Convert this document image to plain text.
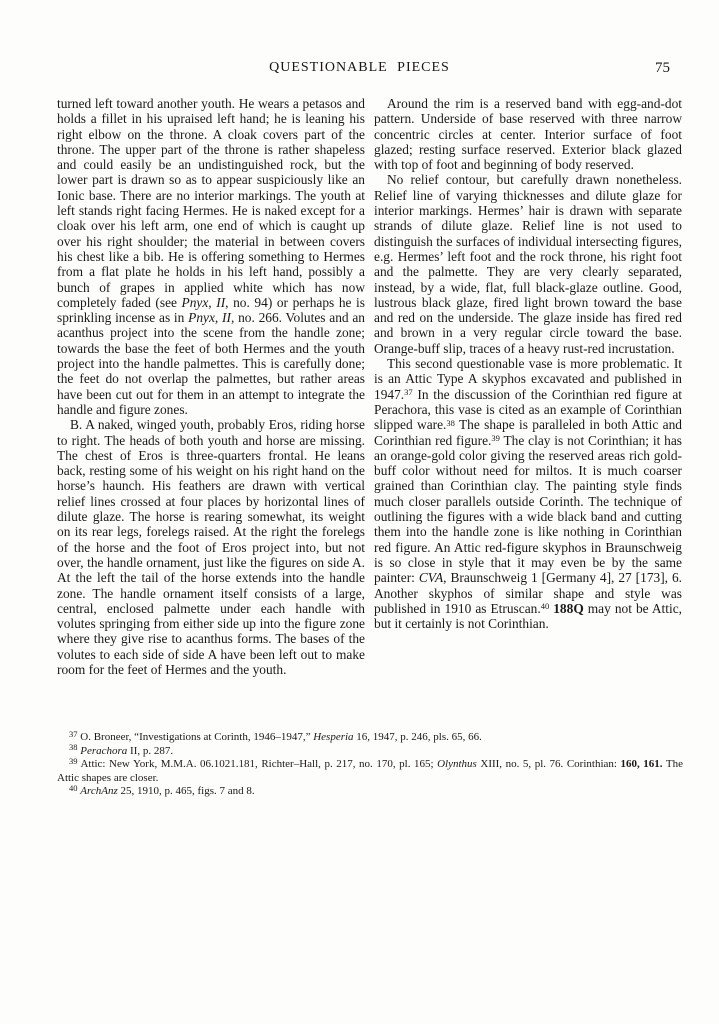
QUESTIONABLE PIECES	75

turned left toward another youth. He wears a petasos and holds a fillet in his upraised left hand; he is leaning his right elbow on the throne. A cloak covers part of the throne. The upper part of the throne is rather shapeless and could easily be an undistinguished rock, but the lower part is drawn so as to appear suspiciously like an Ionic base. There are no interior markings. The youth at left stands right facing Hermes. He is naked except for a cloak over his left arm, one end of which is caught up over his right shoulder; the material in between covers his chest like a bib. He is offering something to Hermes from a flat plate he holds in his left hand, possibly a bunch of grapes in applied white which has now completely faded (see Pnyx, II, no. 94) or perhaps he is sprinkling incense as in Pnyx, II, no. 266. Volutes and an acanthus project into the scene from the handle zone; towards the base the feet of both Hermes and the youth project into the handle palmettes. This is carefully done; the feet do not overlap the palmettes, but rather areas have been cut out for them in an attempt to integrate the handle and figure zones.

B. A naked, winged youth, probably Eros, riding horse to right. The heads of both youth and horse are missing. The chest of Eros is three-quarters frontal. He leans back, resting some of his weight on his right hand on the horse’s haunch. His feathers are drawn with vertical relief lines crossed at four places by horizontal lines of dilute glaze. The horse is rearing somewhat, its weight on its rear legs, forelegs raised. At the right the forelegs of the horse and the foot of Eros project into, but not over, the handle ornament, just like the figures on side A. At the left the tail of the horse extends into the handle zone. The handle ornament itself consists of a large, central, enclosed palmette under each handle with volutes springing from either side up into the figure zone where they give rise to acanthus forms. The bases of the volutes to each side of side A have been left out to make room for the feet of Hermes and the youth.

Around the rim is a reserved band with egg-and-dot pattern. Underside of base reserved with three narrow concentric circles at center. Interior surface of foot glazed; resting surface reserved. Exterior black glazed with top of foot and beginning of body reserved.

No relief contour, but carefully drawn nonetheless. Relief line of varying thicknesses and dilute glaze for interior markings. Hermes’ hair is drawn with separate strands of dilute glaze. Relief line is not used to distinguish the surfaces of individual intersecting figures, e.g. Hermes’ left foot and the rock throne, his right foot and the palmette. They are very clearly separated, instead, by a wide, flat, full black-glaze outline. Good, lustrous black glaze, fired light brown toward the base and red on the underside. The glaze inside has fired red and brown in a very regular circle toward the base. Orange-buff slip, traces of a heavy rust-red incrustation.

This second questionable vase is more problematic. It is an Attic Type A skyphos excavated and published in 1947.37 In the discussion of the Corinthian red figure at Perachora, this vase is cited as an example of Corinthian slipped ware.$^{38}$ The shape is paralleled in both Attic and Corinthian red figure.$^{39}$ The clay is not Corinthian; it has an orange-gold color giving the reserved areas rich gold-buff color without need for miltos. It is much coarser grained than Corinthian clay. The painting style finds much closer parallels outside Corinth. The technique of outlining the figures with a wide black band and cutting them into the handle zone is like nothing in Corinthian red figure. An Attic red-figure skyphos in Braunschweig is so close in style that it may even be by the same painter: CVA, Braunschweig 1 [Germany 4], 27 [173], 6. Another skyphos of similar shape and style was published in 1910 as Etruscan.$^{40}$ 188Q may not be Attic, but it certainly is not Corinthian.

$^{37}$ O. Broneer, “Investigations at Corinth, 1946–1947,” Hesperia 16, 1947, p. 246, pls. 65, 66.

$^{38}$ Perachora II, p. 287.

$^{39}$ Attic: New York, M.M.A. 06.1021.181, Richter–Hall, p. 217, no. 170, pl. 165; Olynthus XIII, no. 5, pl. 76. Corinthian: 160, 161. The Attic shapes are closer.

$^{40}$ ArchAnz 25, 1910, p. 465, figs. 7 and 8.
